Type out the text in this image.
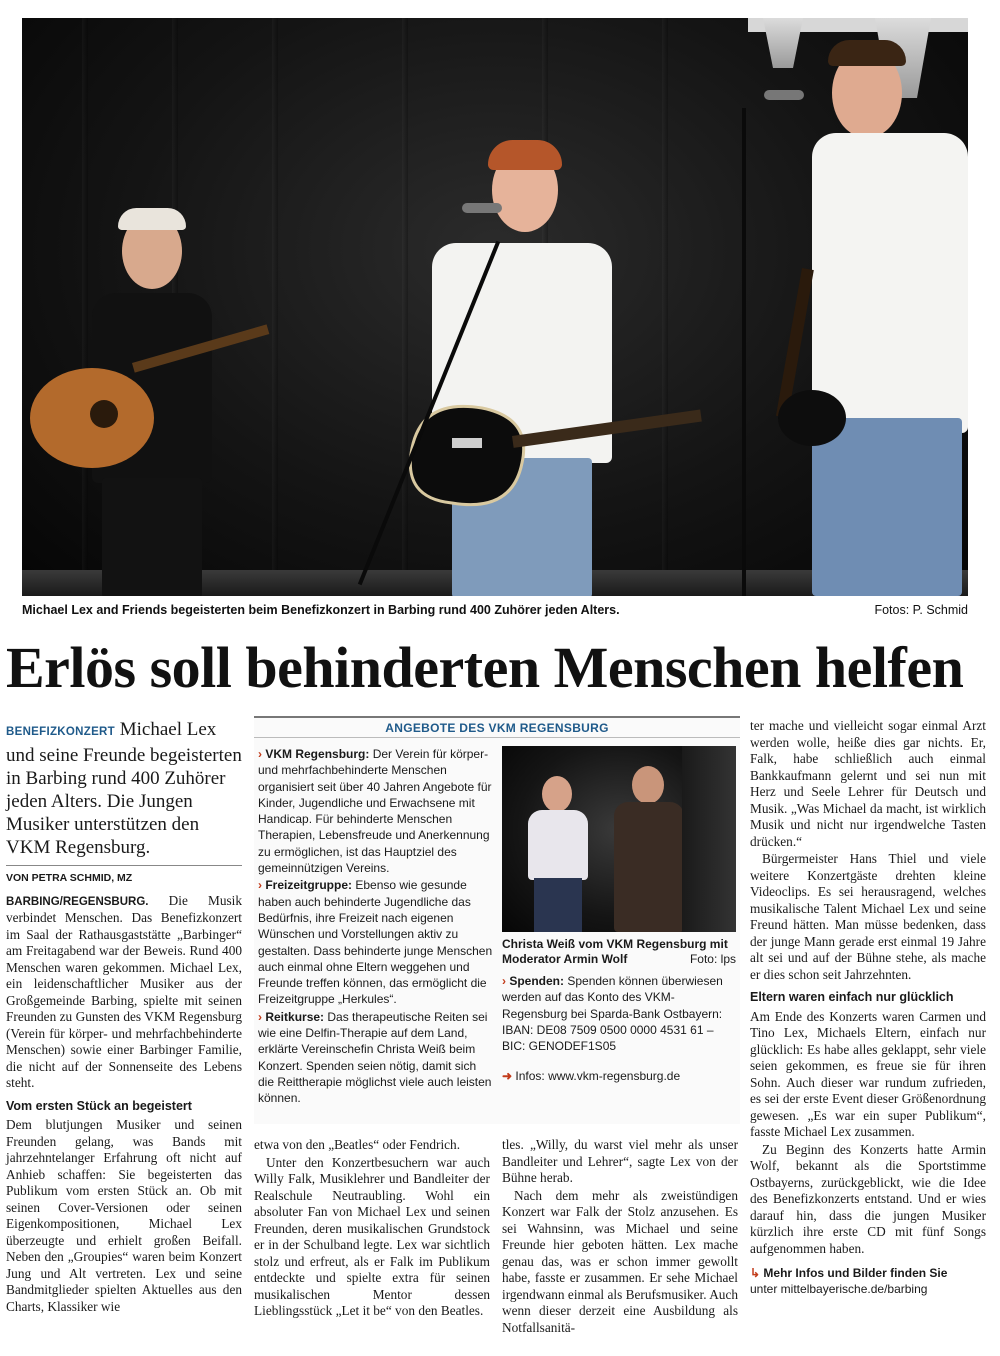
Michael Lex and Friends begeisterten beim Benefizkonzert in Barbing rund 400 Zuhörer jeden Alters.	Fotos: P. Schmid
Erlös soll behinderten Menschen helfen
BENEFIZKONZERT Michael Lex und seine Freunde begeisterten in Barbing rund 400 Zuhörer jeden Alters. Die Jungen Musiker unterstützen den VKM Regensburg.
VON PETRA SCHMID, MZ

BARBING/REGENSBURG. Die Musik verbindet Menschen. Das Benefizkonzert im Saal der Rathausgaststätte „Barbinger“ am Freitagabend war der Beweis. Rund 400 Menschen waren gekommen. Michael Lex, ein leidenschaftlicher Musiker aus der Großgemeinde Barbing, spielte mit seinen Freunden zu Gunsten des VKM Regensburg (Verein für körper- und mehrfachbehinderte Menschen) sowie einer Barbinger Familie, die nicht auf der Sonnenseite des Lebens steht.

Vom ersten Stück an begeistert

Dem blutjungen Musiker und seinen Freunden gelang, was Bands mit jahrzehntelanger Erfahrung oft nicht auf Anhieb schaffen: Sie begeisterten das Publikum vom ersten Stück an. Ob mit seinen Cover-Versionen oder seinen Eigenkompositionen, Michael Lex überzeugte und erhielt großen Beifall. Neben den „Groupies“ waren beim Konzert Jung und Alt vertreten. Lex und seine Bandmitglieder spielten Aktuelles aus den Charts, Klassiker wie

ANGEBOTE DES VKM REGENSBURG
› VKM Regensburg: Der Verein für körper- und mehrfachbehinderte Menschen organisiert seit über 40 Jahren Angebote für Kinder, Jugendliche und Erwachsene mit Handicap. Für behinderte Menschen Therapien, Lebensfreude und Anerkennung zu ermöglichen, ist das Hauptziel des gemeinnützigen Vereins.
› Freizeitgruppe: Ebenso wie gesunde haben auch behinderte Jugendliche das Bedürfnis, ihre Freizeit nach eigenen Wünschen und Vorstellungen aktiv zu gestalten. Dass behinderte junge Menschen auch einmal ohne Eltern weggehen und Freunde treffen können, das ermöglicht die Freizeitgruppe „Herkules“.
› Reitkurse: Das therapeutische Reiten sei wie eine Delfin-Therapie auf dem Land, erklärte Vereinschefin Christa Weiß beim Konzert. Spenden seien nötig, damit sich die Reittherapie möglichst viele auch leisten können.
Christa Weiß vom VKM Regensburg mit Moderator Armin Wolf	Foto: lps
› Spenden: Spenden können überwiesen werden auf das Konto des VKM-Regensburg bei Sparda-Bank Ostbayern: IBAN: DE08 7509 0500 0000 4531 61 – BIC: GENODEF1S05
➜ Infos: www.vkm-regensburg.de

etwa von den „Beatles“ oder Fendrich.

Unter den Konzertbesuchern war auch Willy Falk, Musiklehrer und Bandleiter der Realschule Neutraubling. Wohl ein absoluter Fan von Michael Lex und seinen Freunden, deren musikalischen Grundstock er in der Schulband legte. Lex war sichtlich stolz und erfreut, als er Falk im Publikum entdeckte und spielte extra für seinen musikalischen Mentor dessen Lieblingsstück „Let it be“ von den Beatles.

tles. „Willy, du warst viel mehr als unser Bandleiter und Lehrer“, sagte Lex von der Bühne herab.

Nach dem mehr als zweistündigen Konzert war Falk der Stolz anzusehen. Es sei Wahnsinn, was Michael und seine Freunde hier geboten hätten. Lex mache genau das, was er schon immer gewollt habe, fasste er zusammen. Er sehe Michael irgendwann einmal als Berufsmusiker. Auch wenn dieser derzeit eine Ausbildung als Notfallsanitä-

ter mache und vielleicht sogar einmal Arzt werden wolle, heiße dies gar nichts. Er, Falk, habe schließlich auch einmal Bankkaufmann gelernt und sei nun mit Herz und Seele Lehrer für Deutsch und Musik. „Was Michael da macht, ist wirklich Musik und nicht nur irgendwelche Tasten drücken.“

Bürgermeister Hans Thiel und viele weitere Konzertgäste drehten kleine Videoclips. Es sei herausragend, welches musikalische Talent Michael Lex und seine Freund hätten. Man müsse bedenken, dass der junge Mann gerade erst einmal 19 Jahre alt sei und auf der Bühne stehe, als mache er dies schon seit Jahrzehnten.

Eltern waren einfach nur glücklich

Am Ende des Konzerts waren Carmen und Tino Lex, Michaels Eltern, einfach nur glücklich: Es habe alles geklappt, sehr viele seien gekommen, es freue sie für ihren Sohn. Auch dieser war rundum zufrieden, es sei der erste Event dieser Größenordnung gewesen. „Es war ein super Publikum“, fasste Michael Lex zusammen.

Zu Beginn des Konzerts hatte Armin Wolf, bekannt als die Sportstimme Ostbayerns, zurückgeblickt, wie die Idee des Benefizkonzerts entstand. Und er wies darauf hin, dass die jungen Musiker kürzlich ihre erste CD mit fünf Songs aufgenommen haben.

↳ Mehr Infos und Bilder finden Sie
unter mittelbayerische.de/barbing
